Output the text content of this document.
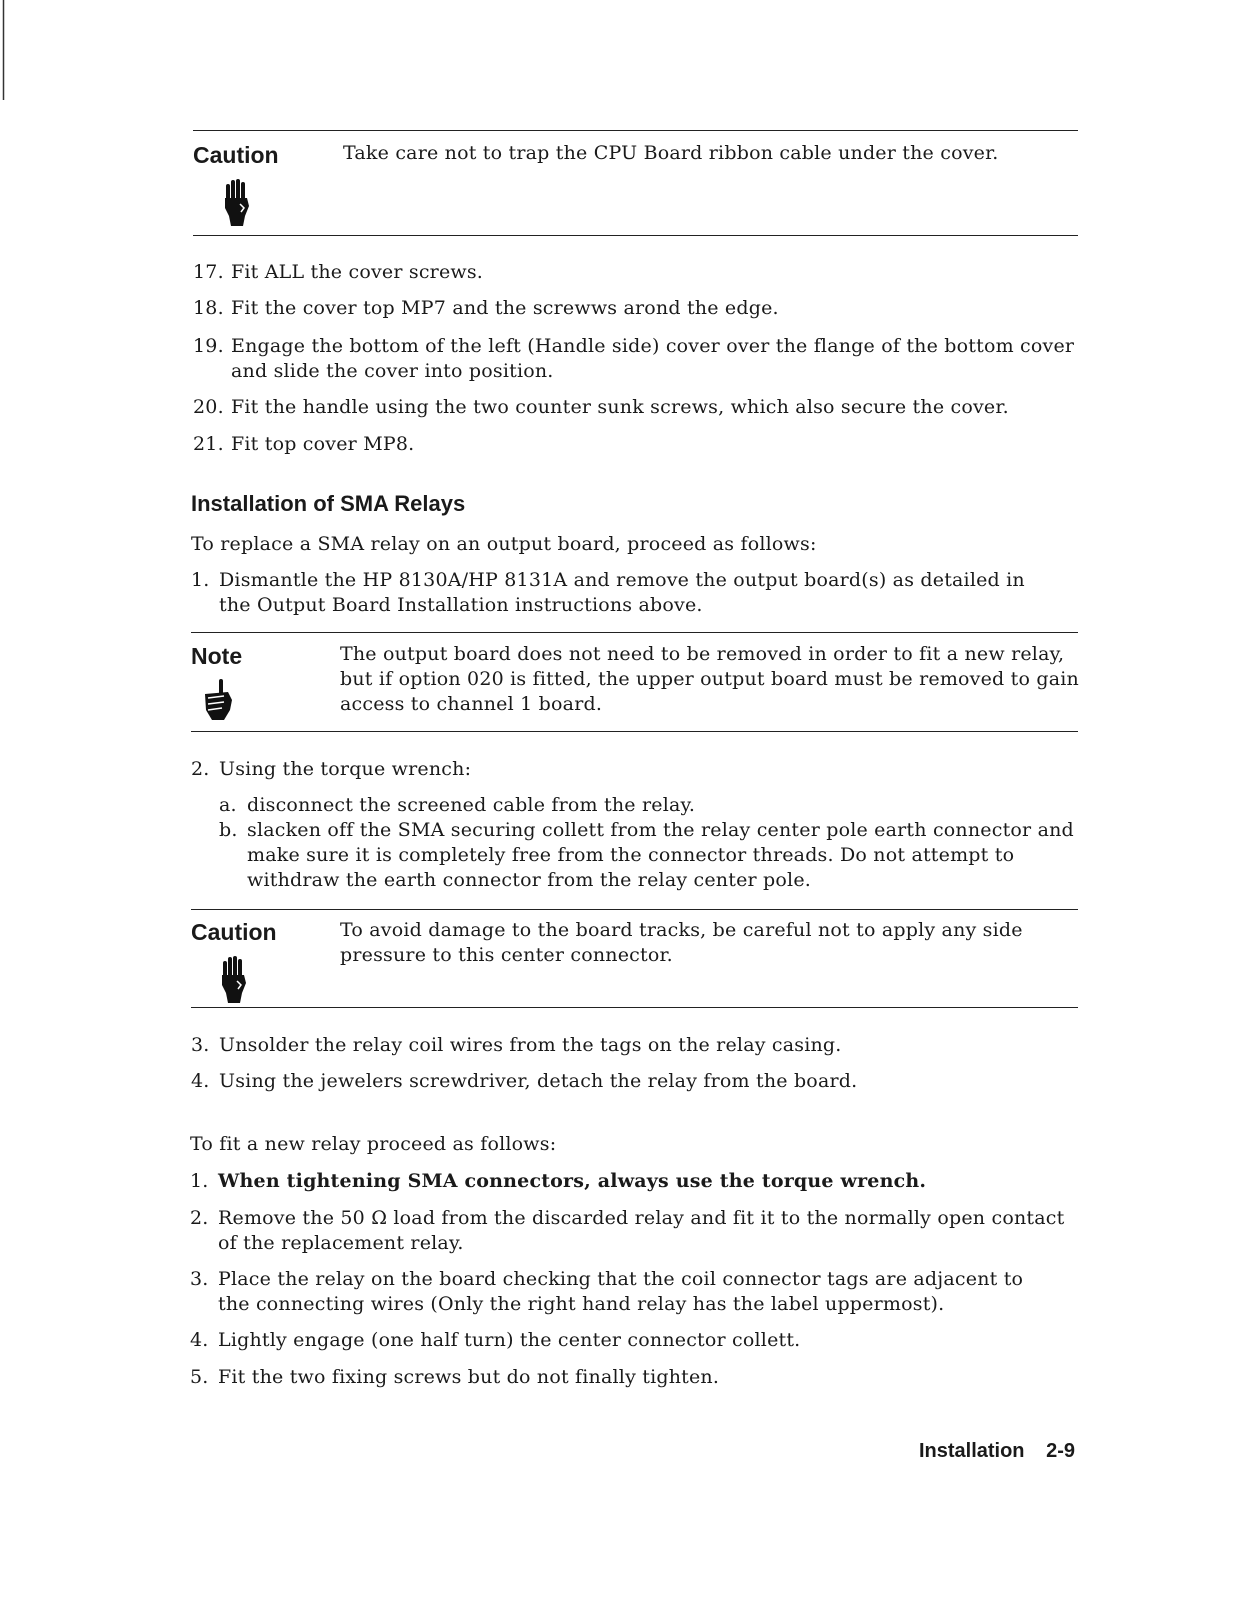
Caution	Take care not to trap the CPU Board ribbon cable under the cover.
17. Fit ALL the cover screws.
18. Fit the cover top MP7 and the screwws arond the edge.
19. Engage the bottom of the left (Handle side) cover over the flange of the bottom cover and slide the cover into position.
20. Fit the handle using the two counter sunk screws, which also secure the cover.
21. Fit top cover MP8.
Installation of SMA Relays
To replace a SMA relay on an output board, proceed as follows:
1. Dismantle the HP 8130A/HP 8131A and remove the output board(s) as detailed in the Output Board Installation instructions above.
Note	The output board does not need to be removed in order to fit a new relay, but if option 020 is fitted, the upper output board must be removed to gain access to channel 1 board.
2. Using the torque wrench:
a. disconnect the screened cable from the relay.
b. slacken off the SMA securing collett from the relay center pole earth connector and make sure it is completely free from the connector threads. Do not attempt to withdraw the earth connector from the relay center pole.
Caution	To avoid damage to the board tracks, be careful not to apply any side pressure to this center connector.
3. Unsolder the relay coil wires from the tags on the relay casing.
4. Using the jewelers screwdriver, detach the relay from the board.
To fit a new relay proceed as follows:
1. When tightening SMA connectors, always use the torque wrench.
2. Remove the 50 Ω load from the discarded relay and fit it to the normally open contact of the replacement relay.
3. Place the relay on the board checking that the coil connector tags are adjacent to the connecting wires (Only the right hand relay has the label uppermost).
4. Lightly engage (one half turn) the center connector collett.
5. Fit the two fixing screws but do not finally tighten.
Installation 2-9
